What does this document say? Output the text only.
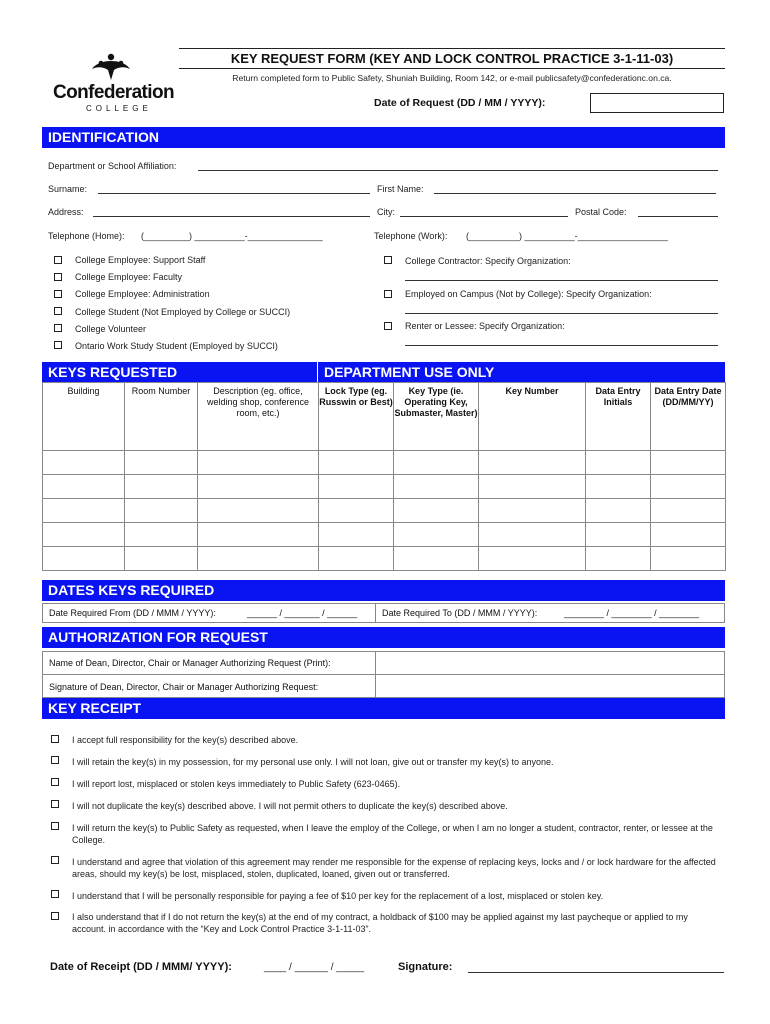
Confederation
COLLEGE
KEY REQUEST FORM (KEY AND LOCK CONTROL PRACTICE 3-1-11-03)
Return completed form to Public Safety, Shuniah Building, Room 142, or e-mail publicsafety@confederationc.on.ca.
Date of Request (DD / MM / YYYY):
IDENTIFICATION
Department or School Affiliation:
Surname:	First Name:
Address:	City:	Postal Code:
Telephone (Home): (_________) __________-_______________	Telephone (Work): (__________) __________-__________________
College Employee: Support Staff
College Employee: Faculty
College Employee: Administration
College Student (Not Employed by College or SUCCI)
College Volunteer
Ontario Work Study Student (Employed by SUCCI)
College Contractor: Specify Organization:
Employed on Campus (Not by College): Specify Organization:
Renter or Lessee: Specify Organization:
KEYS REQUESTED	DEPARTMENT USE ONLY
Building	Room Number	Description (eg. office, welding shop, conference room, etc.)	Lock Type (eg. Russwin or Best)	Key Type (ie. Operating Key, Submaster, Master)	Key Number	Data Entry Initials	Data Entry Date (DD/MM/YY)

DATES KEYS REQUIRED
Date Required From (DD / MMM / YYYY):	______ / _______ / ______	Date Required To (DD / MMM / YYYY):	________ / ________ / ________
AUTHORIZATION FOR REQUEST
Name of Dean, Director, Chair or Manager Authorizing Request (Print):
Signature of Dean, Director, Chair or Manager Authorizing Request:
KEY RECEIPT
I accept full responsibility for the key(s) described above.
I will retain the key(s) in my possession, for my personal use only. I will not loan, give out or transfer my key(s) to anyone.
I will report lost, misplaced or stolen keys immediately to Public Safety (623-0465).
I will not duplicate the key(s) described above. I will not permit others to duplicate the key(s) described above.
I will return the key(s) to Public Safety as requested, when I leave the employ of the College, or when I am no longer a student, contractor, renter, or lessee at the College.
I understand and agree that violation of this agreement may render me responsible for the expense of replacing keys, locks and / or lock hardware for the affected areas, should my key(s) be lost, misplaced, stolen, duplicated, loaned, given out or transferred.
I understand that I will be personally responsible for paying a fee of $10 per key for the replacement of a lost, misplaced or stolen key.
I also understand that if I do not return the key(s) at the end of my contract, a holdback of $100 may be applied against my last paycheque or applied to my account. in accordance with the “Key and Lock Control Practice 3-1-11-03”.
Date of Receipt (DD / MMM/ YYYY):	____ / ______ / _____	Signature:
